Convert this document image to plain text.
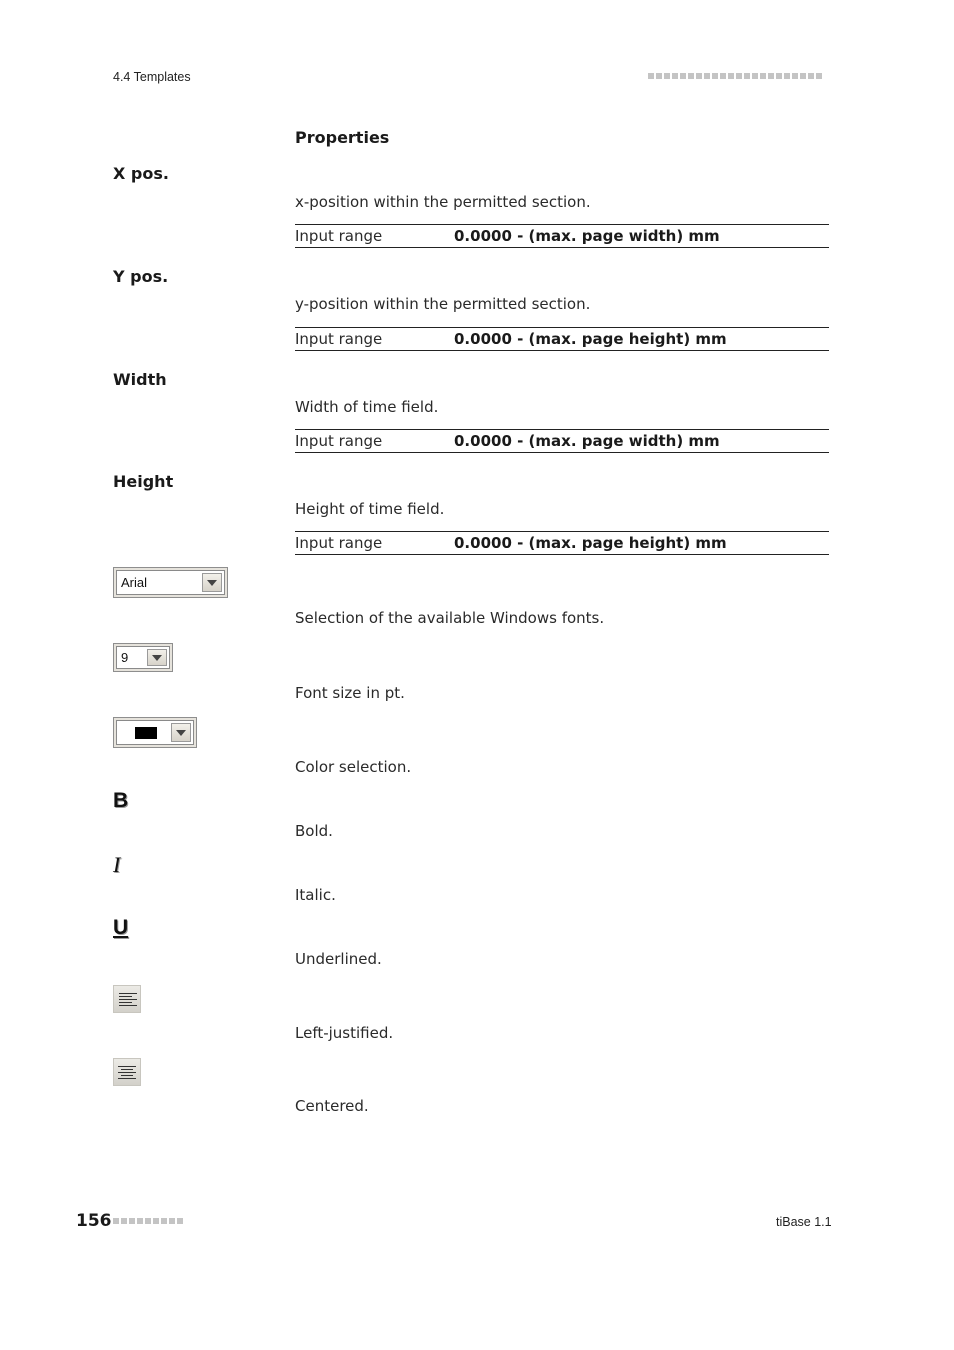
4.4 Templates
Properties
X pos.
x-position within the permitted section.
Input range	0.0000 - (max. page width) mm
Y pos.
y-position within the permitted section.
Input range	0.0000 - (max. page height) mm
Width
Width of time field.
Input range	0.0000 - (max. page width) mm
Height
Height of time field.
Input range	0.0000 - (max. page height) mm
Arial
Selection of the available Windows fonts.
9
Font size in pt.
Color selection.
B
Bold.
I
Italic.
U
Underlined.
Left-justified.
Centered.
156	tiBase 1.1
